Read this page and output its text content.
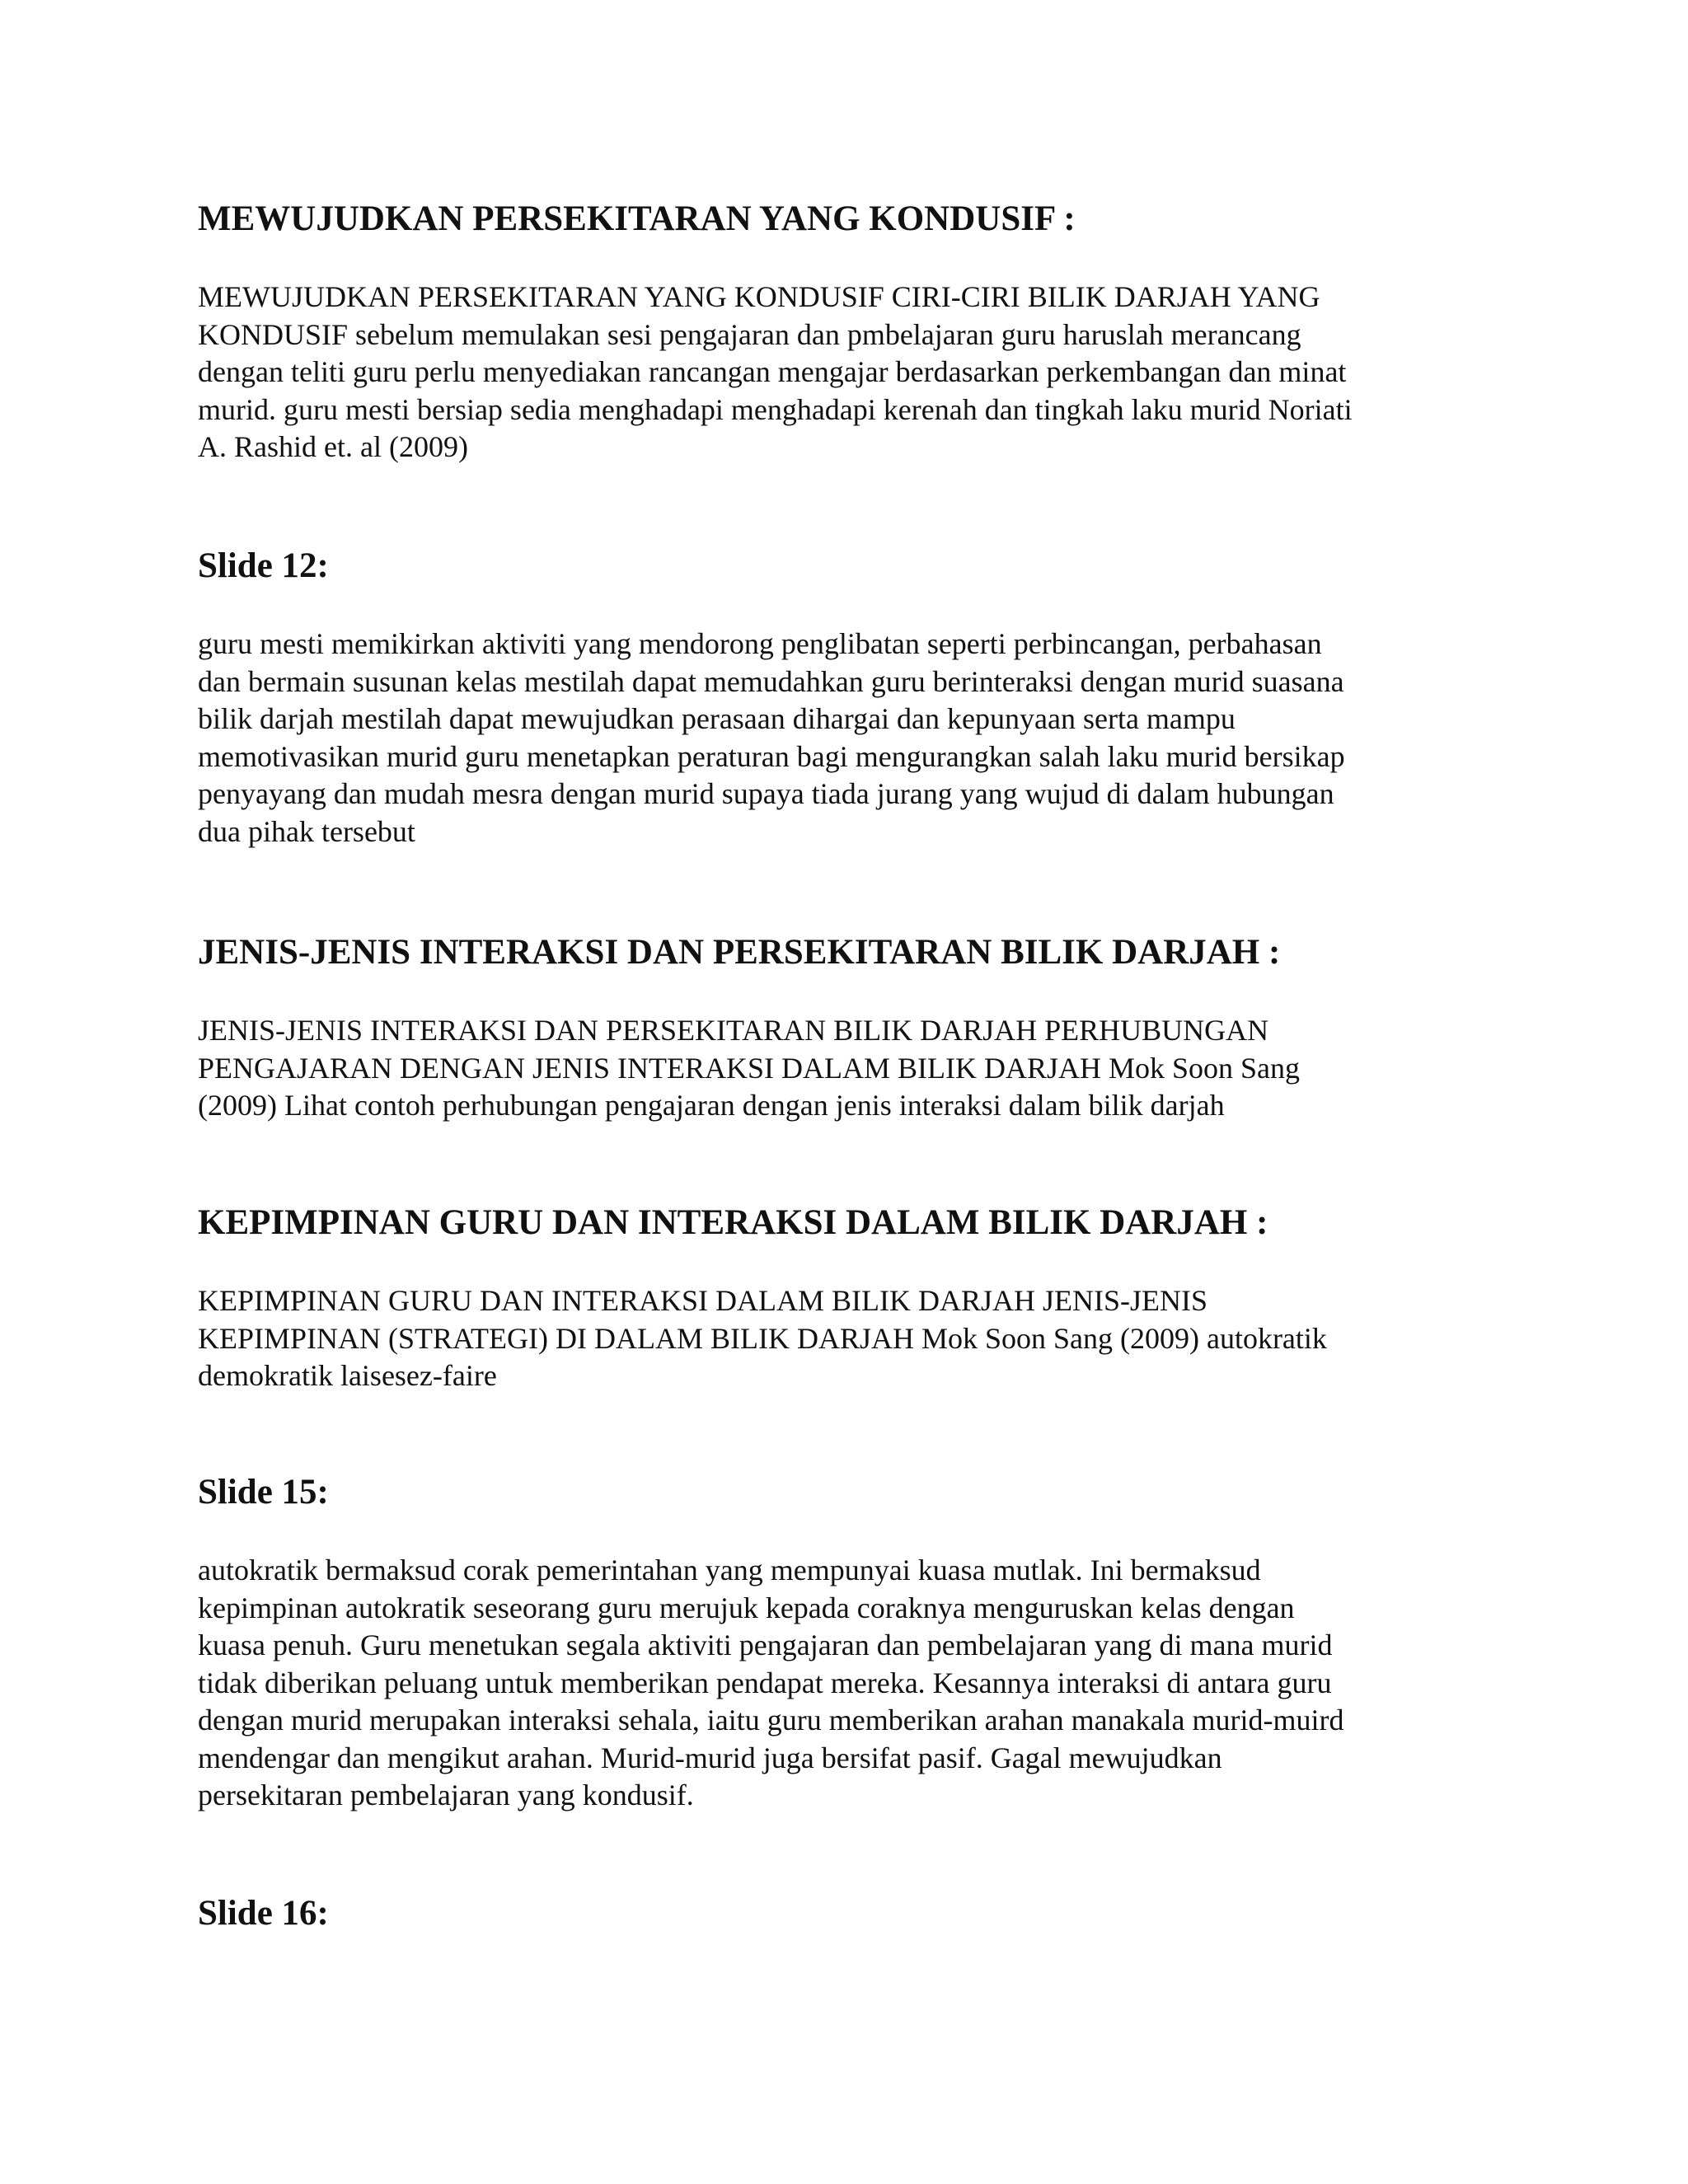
MEWUJUDKAN PERSEKITARAN YANG KONDUSIF :
MEWUJUDKAN PERSEKITARAN YANG KONDUSIF CIRI-CIRI BILIK DARJAH YANG
KONDUSIF sebelum memulakan sesi pengajaran dan pmbelajaran guru haruslah merancang
dengan teliti guru perlu menyediakan rancangan mengajar berdasarkan perkembangan dan minat
murid. guru mesti bersiap sedia menghadapi menghadapi kerenah dan tingkah laku murid Noriati
A. Rashid et. al (2009)
Slide 12:
guru mesti memikirkan aktiviti yang mendorong penglibatan seperti perbincangan, perbahasan
dan bermain susunan kelas mestilah dapat memudahkan guru berinteraksi dengan murid suasana
bilik darjah mestilah dapat mewujudkan perasaan dihargai dan kepunyaan serta mampu
memotivasikan murid guru menetapkan peraturan bagi mengurangkan salah laku murid bersikap
penyayang dan mudah mesra dengan murid supaya tiada jurang yang wujud di dalam hubungan
dua pihak tersebut
JENIS-JENIS INTERAKSI DAN PERSEKITARAN BILIK DARJAH :
JENIS-JENIS INTERAKSI DAN PERSEKITARAN BILIK DARJAH PERHUBUNGAN
PENGAJARAN DENGAN JENIS INTERAKSI DALAM BILIK DARJAH Mok Soon Sang
(2009) Lihat contoh perhubungan pengajaran dengan jenis interaksi dalam bilik darjah
KEPIMPINAN GURU DAN INTERAKSI DALAM BILIK DARJAH :
KEPIMPINAN GURU DAN INTERAKSI DALAM BILIK DARJAH JENIS-JENIS
KEPIMPINAN (STRATEGI) DI DALAM BILIK DARJAH Mok Soon Sang (2009) autokratik
demokratik laisesez-faire
Slide 15:
autokratik bermaksud corak pemerintahan yang mempunyai kuasa mutlak. Ini bermaksud
kepimpinan autokratik seseorang guru merujuk kepada coraknya menguruskan kelas dengan
kuasa penuh. Guru menetukan segala aktiviti pengajaran dan pembelajaran yang di mana murid
tidak diberikan peluang untuk memberikan pendapat mereka. Kesannya interaksi di antara guru
dengan murid merupakan interaksi sehala, iaitu guru memberikan arahan manakala murid-muird
mendengar dan mengikut arahan. Murid-murid juga bersifat pasif. Gagal mewujudkan
persekitaran pembelajaran yang kondusif.
Slide 16:
